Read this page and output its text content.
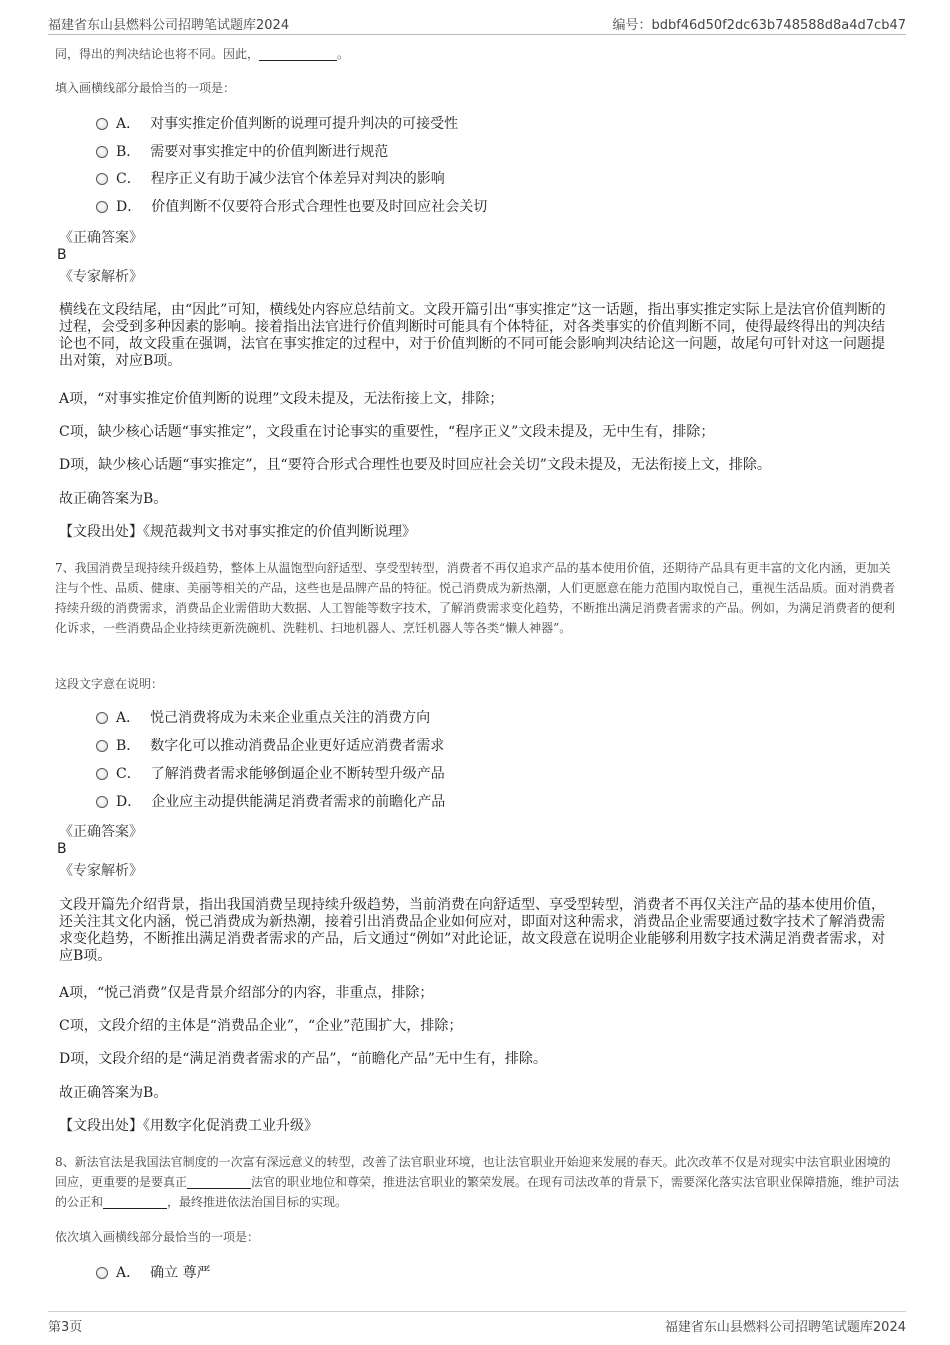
福建省东山县燃料公司招聘笔试题库2024	编号：bdbf46d50f2dc63b748588d8a4d7cb47
同，得出的判决结论也将不同。因此，	。
填入画横线部分最恰当的一项是：
A． 对事实推定价值判断的说理可提升判决的可接受性
B． 需要对事实推定中的价值判断进行规范
C． 程序正义有助于减少法官个体差异对判决的影响
D． 价值判断不仅要符合形式合理性也要及时回应社会关切
《正确答案》
B
《专家解析》
横线在文段结尾，由“因此”可知，横线处内容应总结前文。文段开篇引出“事实推定”这一话题，指出事实推定实际上是法官价值判断的过程，会受到多种因素的影响。接着指出法官进行价值判断时可能具有个体特征，对各类事实的价值判断不同，使得最终得出的判决结论也不同，故文段重在强调，法官在事实推定的过程中，对于价值判断的不同可能会影响判决结论这一问题，故尾句可针对这一问题提出对策，对应B项。
A项，“对事实推定价值判断的说理”文段未提及，无法衔接上文，排除；
C项，缺少核心话题“事实推定”，文段重在讨论事实的重要性，“程序正义”文段未提及，无中生有，排除；
D项，缺少核心话题“事实推定”，且“要符合形式合理性也要及时回应社会关切”文段未提及，无法衔接上文，排除。
故正确答案为B。
【文段出处】《规范裁判文书对事实推定的价值判断说理》
7、我国消费呈现持续升级趋势，整体上从温饱型向舒适型、享受型转型，消费者不再仅追求产品的基本使用价值，还期待产品具有更丰富的文化内涵，更加关注与个性、品质、健康、美丽等相关的产品，这些也是品牌产品的特征。悦己消费成为新热潮，人们更愿意在能力范围内取悦自己，重视生活品质。面对消费者持续升级的消费需求，消费品企业需借助大数据、人工智能等数字技术，了解消费需求变化趋势，不断推出满足消费者需求的产品。例如，为满足消费者的便利化诉求，一些消费品企业持续更新洗碗机、洗鞋机、扫地机器人、烹饪机器人等各类“懒人神器”。
这段文字意在说明：
A． 悦己消费将成为未来企业重点关注的消费方向
B． 数字化可以推动消费品企业更好适应消费者需求
C． 了解消费者需求能够倒逼企业不断转型升级产品
D． 企业应主动提供能满足消费者需求的前瞻化产品
《正确答案》
B
《专家解析》
文段开篇先介绍背景，指出我国消费呈现持续升级趋势，当前消费在向舒适型、享受型转型，消费者不再仅关注产品的基本使用价值，还关注其文化内涵，悦己消费成为新热潮，接着引出消费品企业如何应对，即面对这种需求，消费品企业需要通过数字技术了解消费需求变化趋势，不断推出满足消费者需求的产品，后文通过“例如”对此论证，故文段意在说明企业能够利用数字技术满足消费者需求，对应B项。
A项，“悦己消费”仅是背景介绍部分的内容，非重点，排除；
C项，文段介绍的主体是“消费品企业”，“企业”范围扩大，排除；
D项，文段介绍的是“满足消费者需求的产品”，“前瞻化产品”无中生有，排除。
故正确答案为B。
【文段出处】《用数字化促消费工业升级》
8、新法官法是我国法官制度的一次富有深远意义的转型，改善了法官职业环境，也让法官职业开始迎来发展的春天。此次改革不仅是对现实中法官职业困境的回应，更重要的是要真正	法官的职业地位和尊荣，推进法官职业的繁荣发展。在现有司法改革的背景下，需要深化落实法官职业保障措施，维护司法的公正和	，最终推进依法治国目标的实现。
依次填入画横线部分最恰当的一项是：
A． 确立 尊严
第3页	福建省东山县燃料公司招聘笔试题库2024
